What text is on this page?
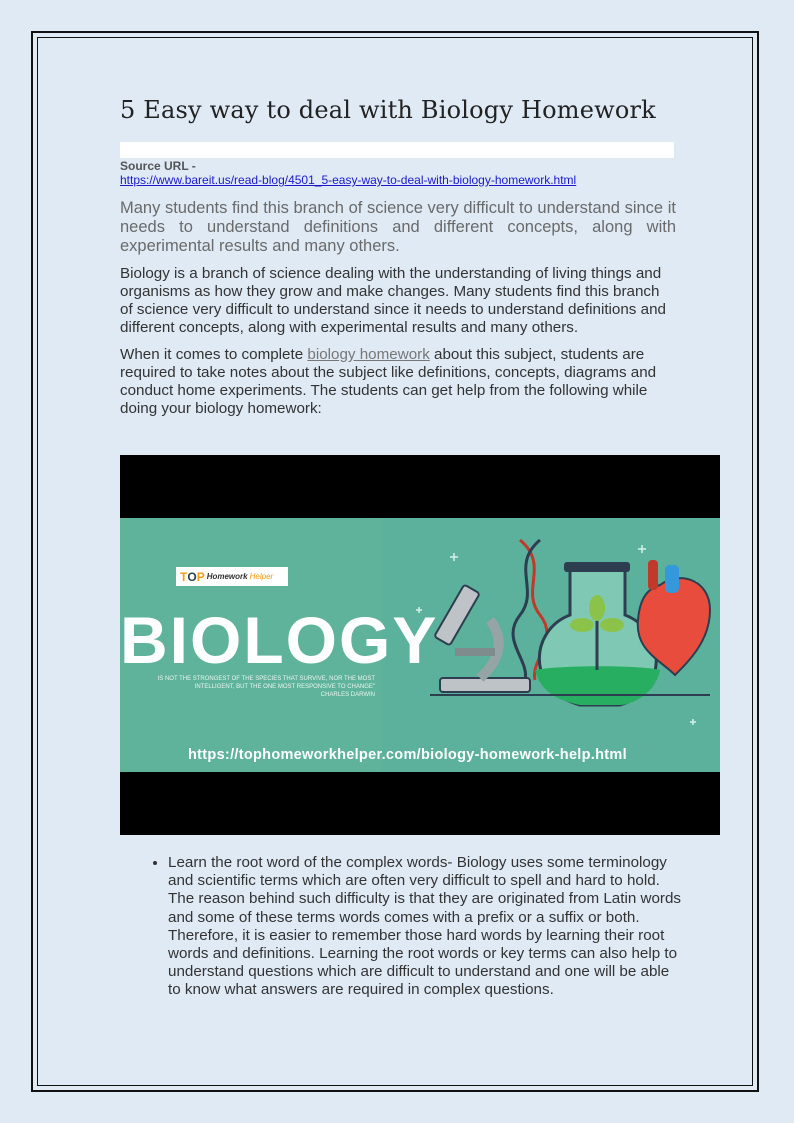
5 Easy way to deal with Biology Homework
Source URL -
https://www.bareit.us/read-blog/4501_5-easy-way-to-deal-with-biology-homework.html
Many students find this branch of science very difficult to understand since it needs to understand definitions and different concepts, along with experimental results and many others.
Biology is a branch of science dealing with the understanding of living things and organisms as how they grow and make changes. Many students find this branch of science very difficult to understand since it needs to understand definitions and different concepts, along with experimental results and many others.
When it comes to complete biology homework about this subject, students are required to take notes about the subject like definitions, concepts, diagrams and conduct home experiments. The students can get help from the following while doing your biology homework:
T O P Homework Helper
BIOLOGY
IS NOT THE STRONGEST OF THE SPECIES THAT SURVIVE, NOR THE MOST INTELLIGENT, BUT THE ONE MOST RESPONSIVE TO CHANGE"
CHARLES DARWIN
https://tophomeworkhelper.com/biology-homework-help.html
• Learn the root word of the complex words- Biology uses some terminology and scientific terms which are often very difficult to spell and hard to hold. The reason behind such difficulty is that they are originated from Latin words and some of these terms words comes with a prefix or a suffix or both. Therefore, it is easier to remember those hard words by learning their root words and definitions. Learning the root words or key terms can also help to understand questions which are difficult to understand and one will be able to know what answers are required in complex questions.
